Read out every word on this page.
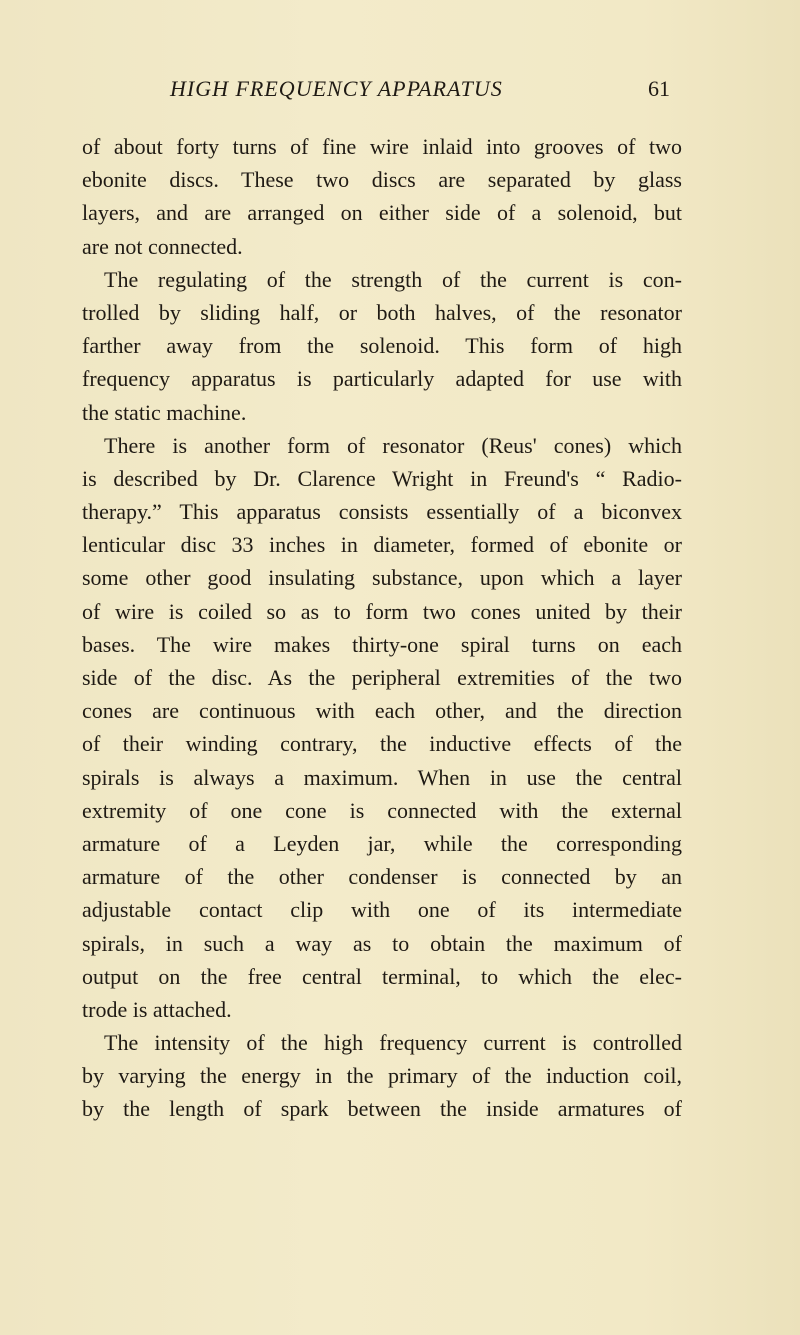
HIGH FREQUENCY APPARATUS	61
of about forty turns of fine wire inlaid into grooves of two
ebonite discs. These two discs are separated by glass
layers, and are arranged on either side of a solenoid, but
are not connected.
The regulating of the strength of the current is con-
trolled by sliding half, or both halves, of the resonator
farther away from the solenoid. This form of high
frequency apparatus is particularly adapted for use with
the static machine.
There is another form of resonator (Reus' cones) which
is described by Dr. Clarence Wright in Freund's “ Radio-
therapy.” This apparatus consists essentially of a biconvex
lenticular disc 33 inches in diameter, formed of ebonite or
some other good insulating substance, upon which a layer
of wire is coiled so as to form two cones united by their
bases. The wire makes thirty-one spiral turns on each
side of the disc. As the peripheral extremities of the two
cones are continuous with each other, and the direction
of their winding contrary, the inductive effects of the
spirals is always a maximum. When in use the central
extremity of one cone is connected with the external
armature of a Leyden jar, while the corresponding
armature of the other condenser is connected by an
adjustable contact clip with one of its intermediate
spirals, in such a way as to obtain the maximum of
output on the free central terminal, to which the elec-
trode is attached.
The intensity of the high frequency current is controlled
by varying the energy in the primary of the induction coil,
by the length of spark between the inside armatures of
